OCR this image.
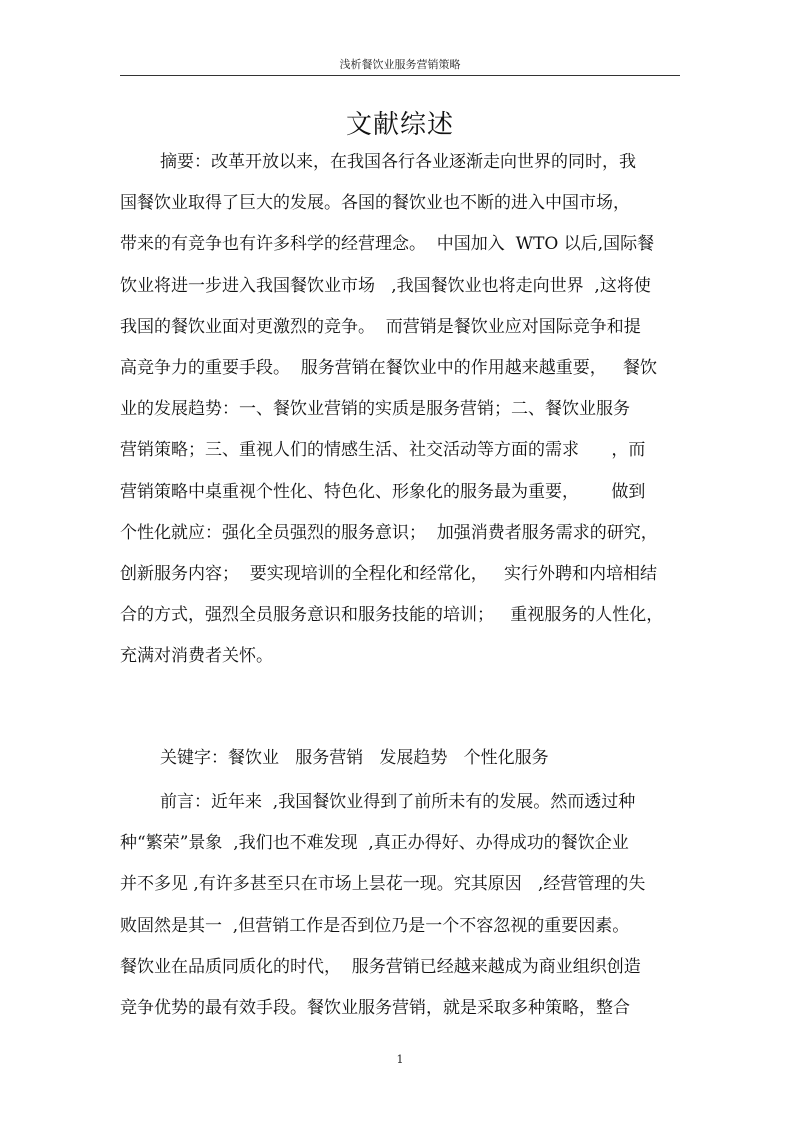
浅析餐饮业服务营销策略
文献综述
摘要：改革开放以来，在我国各行各业逐渐走向世界的同时，我
国餐饮业取得了巨大的发展。各国的餐饮业也不断的进入中国市场，
带来的有竞争也有许多科学的经营理念。  中国加入  WTO 以后,国际餐
饮业将进一步进入我国餐饮业市场   ,我国餐饮业也将走向世界  ,这将使
我国的餐饮业面对更激烈的竞争。  而营销是餐饮业应对国际竞争和提
高竞争力的重要手段。  服务营销在餐饮业中的作用越来越重要，   餐饮
业的发展趋势：一、餐饮业营销的实质是服务营销；二、餐饮业服务
营销策略；三、重视人们的情感生活、社交活动等方面的需求      ，而
营销策略中桌重视个性化、特色化、形象化的服务最为重要，      做到
个性化就应：强化全员强烈的服务意识；  加强消费者服务需求的研究，
创新服务内容；  要实现培训的全程化和经常化，   实行外聘和内培相结
合的方式，强烈全员服务意识和服务技能的培训；   重视服务的人性化，
充满对消费者关怀。
关键字：餐饮业   服务营销   发展趋势   个性化服务
前言：近年来  ,我国餐饮业得到了前所未有的发展。然而透过种
种“繁荣”景象  ,我们也不难发现  ,真正办得好、办得成功的餐饮企业
并不多见 ,有许多甚至只在市场上昙花一现。究其原因   ,经营管理的失
败固然是其一  ,但营销工作是否到位乃是一个不容忽视的重要因素。
餐饮业在品质同质化的时代，  服务营销已经越来越成为商业组织创造
竞争优势的最有效手段。餐饮业服务营销，就是采取多种策略，整合
1
